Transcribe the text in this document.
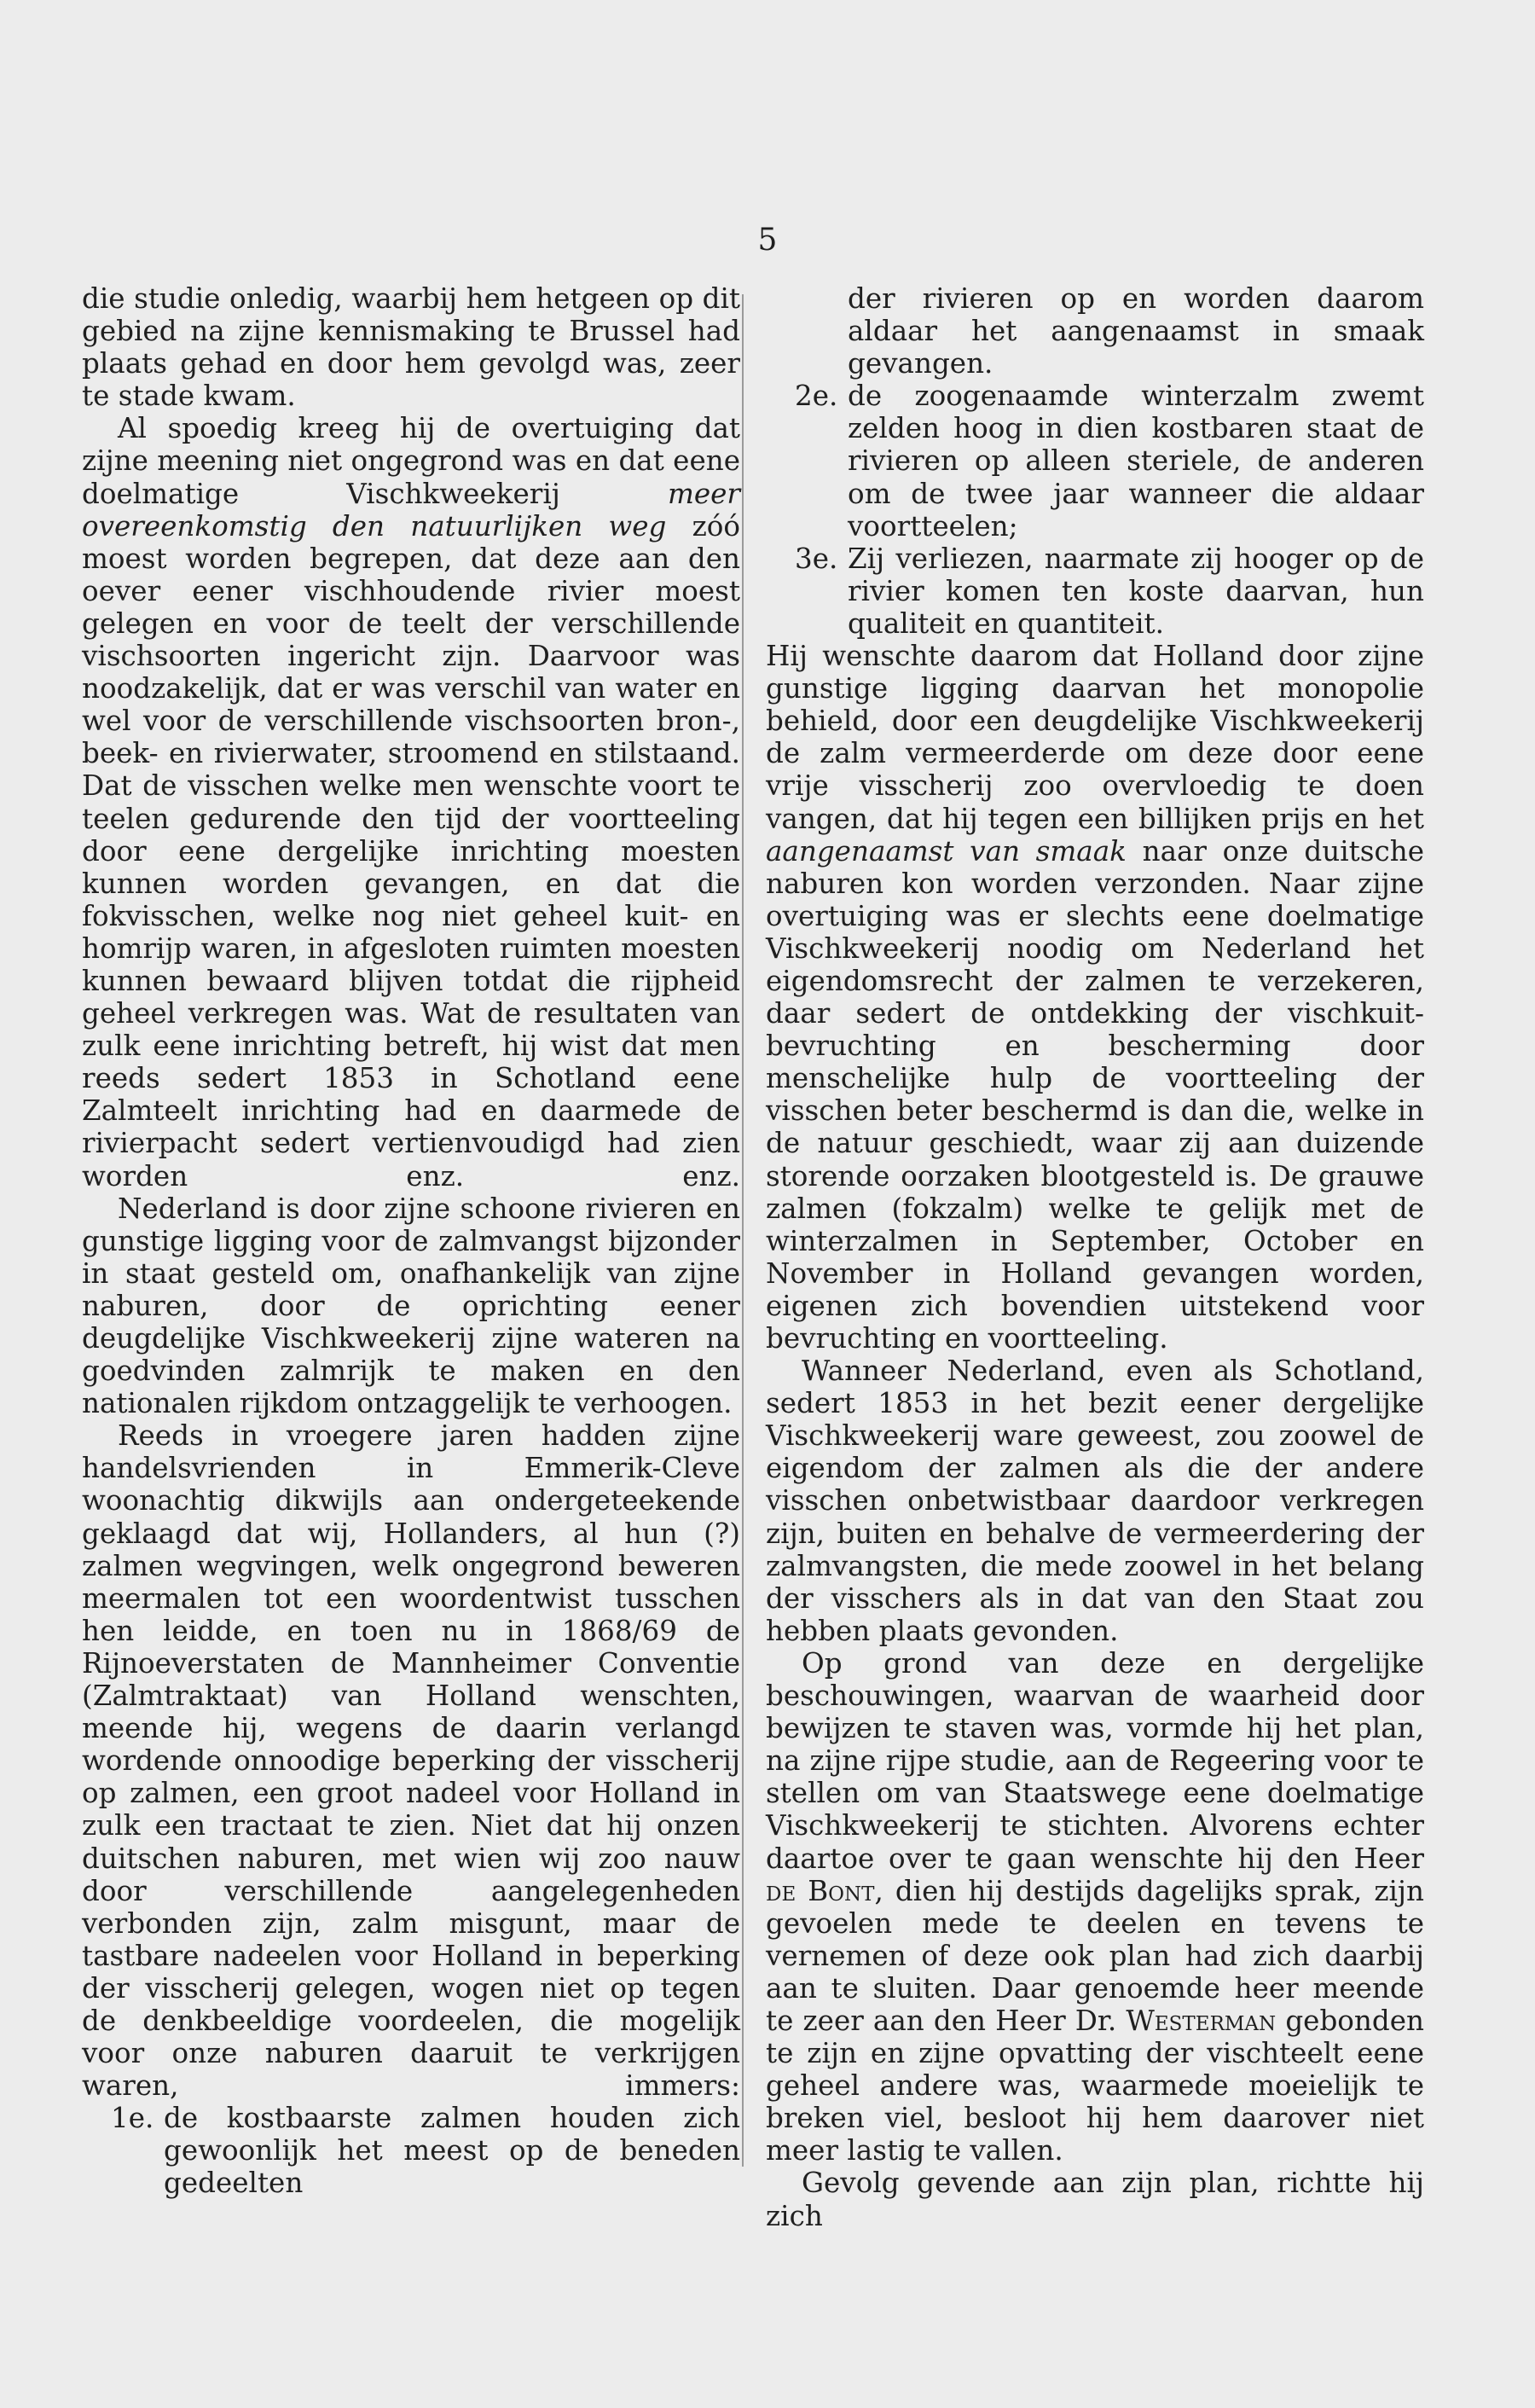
5

die studie onledig, waarbij hem hetgeen op dit gebied na zijne kennismaking te Brussel had plaats gehad en door hem gevolgd was, zeer te stade kwam.

Al spoedig kreeg hij de overtuiging dat zijne meening niet ongegrond was en dat eene doelmatige Vischkweekerij	meer overeenkomstig den natuurlijken weg zóó moest worden begrepen, dat deze aan den oever eener vischhoudende rivier moest gelegen en voor de teelt der verschillende vischsoorten ingericht zijn. Daarvoor was noodzakelijk, dat er was verschil van water en wel voor de verschillende vischsoorten bron-, beek- en rivierwater, stroomend en stilstaand. Dat de visschen welke men wenschte voort te teelen gedurende den tijd der voortteeling door eene dergelijke inrichting moesten kunnen worden gevangen, en dat die fokvisschen, welke nog niet geheel kuit- en homrijp waren, in afgesloten ruimten moesten kunnen bewaard blijven totdat die rijpheid geheel verkregen was. Wat de resultaten van zulk eene inrichting betreft, hij wist dat men reeds sedert 1853 in Schotland eene Zalmteelt inrichting had en daarmede de rivierpacht sedert vertienvoudigd had zien worden enz. enz.

Nederland is door zijne schoone rivieren en gunstige ligging voor de zalmvangst bijzonder in staat gesteld om, onafhankelijk van zijne naburen, door de oprichting eener deugdelijke Vischkweekerij zijne wateren na goedvinden zalmrijk te maken en den nationalen rijkdom ontzaggelijk te verhoogen.

Reeds in vroegere jaren hadden zijne handelsvrienden in Emmerik-Cleve woonachtig dikwijls aan ondergeteekende geklaagd dat wij, Hollanders, al hun (?) zalmen wegvingen, welk ongegrond beweren meermalen tot een woordentwist tusschen hen leidde, en toen nu in 1868/69 de Rijnoeverstaten de Mannheimer Conventie (Zalmtraktaat) van Holland wenschten, meende hij, wegens de daarin verlangd wordende onnoodige beperking der visscherij op zalmen, een groot nadeel voor Holland in zulk een tractaat te zien. Niet dat hij onzen duitschen naburen, met wien wij zoo nauw door verschillende aangelegenheden verbonden zijn, zalm misgunt, maar de tastbare nadeelen voor Holland in beperking der visscherij gelegen, wogen niet op tegen de denkbeeldige voordeelen, die mogelijk voor onze naburen daaruit te verkrijgen waren, immers:

1e. de kostbaarste zalmen houden zich gewoonlijk het meest op de beneden gedeelten
der rivieren op en worden daarom aldaar het aangenaamst in smaak gevangen.
2e. de zoogenaamde winterzalm zwemt zelden hoog in dien kostbaren staat de rivieren op alleen steriele, de anderen om de twee jaar wanneer die aldaar voortteelen;
3e. Zij verliezen, naarmate zij hooger op de rivier komen ten koste daarvan, hun qualiteit en quantiteit.

Hij wenschte daarom dat Holland door zijne gunstige ligging daarvan het monopolie behield, door een deugdelijke Vischkweekerij de zalm vermeerderde om deze door eene vrije visscherij zoo overvloedig te doen vangen, dat hij tegen een billijken prijs en het aangenaamst van smaak naar onze duitsche naburen kon worden verzonden. Naar zijne overtuiging was er slechts eene doelmatige Vischkweekerij noodig om Nederland het eigendomsrecht der zalmen te verzekeren, daar sedert de ontdekking der vischkuit-bevruchting en bescherming door menschelijke hulp de voortteeling der visschen beter beschermd is dan die, welke in de natuur geschiedt, waar zij aan duizende storende oorzaken blootgesteld is. De grauwe zalmen (fokzalm) welke te gelijk met de winterzalmen in September, October en November in Holland gevangen worden, eigenen zich bovendien uitstekend voor bevruchting en voortteeling.

Wanneer Nederland, even als Schotland, sedert 1853 in het bezit eener dergelijke Vischkweekerij ware geweest, zou zoowel de eigendom der zalmen als die der andere visschen onbetwistbaar daardoor verkregen zijn, buiten en behalve de vermeerdering der zalmvangsten, die mede zoowel in het belang der visschers als in dat van den Staat zou hebben plaats gevonden.

Op grond van deze en dergelijke beschouwingen, waarvan de waarheid door bewijzen te staven was, vormde hij het plan, na zijne rijpe studie, aan de Regeering voor te stellen om van Staatswege eene doelmatige Vischkweekerij te stichten. Alvorens echter daartoe over te gaan wenschte hij den Heer de Bont, dien hij destijds dagelijks sprak, zijn gevoelen mede te deelen en tevens te vernemen of deze ook plan had zich daarbij aan te sluiten. Daar genoemde heer meende te zeer aan den Heer Dr. Westerman gebonden te zijn en zijne opvatting der vischteelt eene geheel andere was, waarmede moeielijk te breken viel, besloot hij hem daarover niet meer lastig te vallen.

Gevolg gevende aan zijn plan, richtte hij zich
